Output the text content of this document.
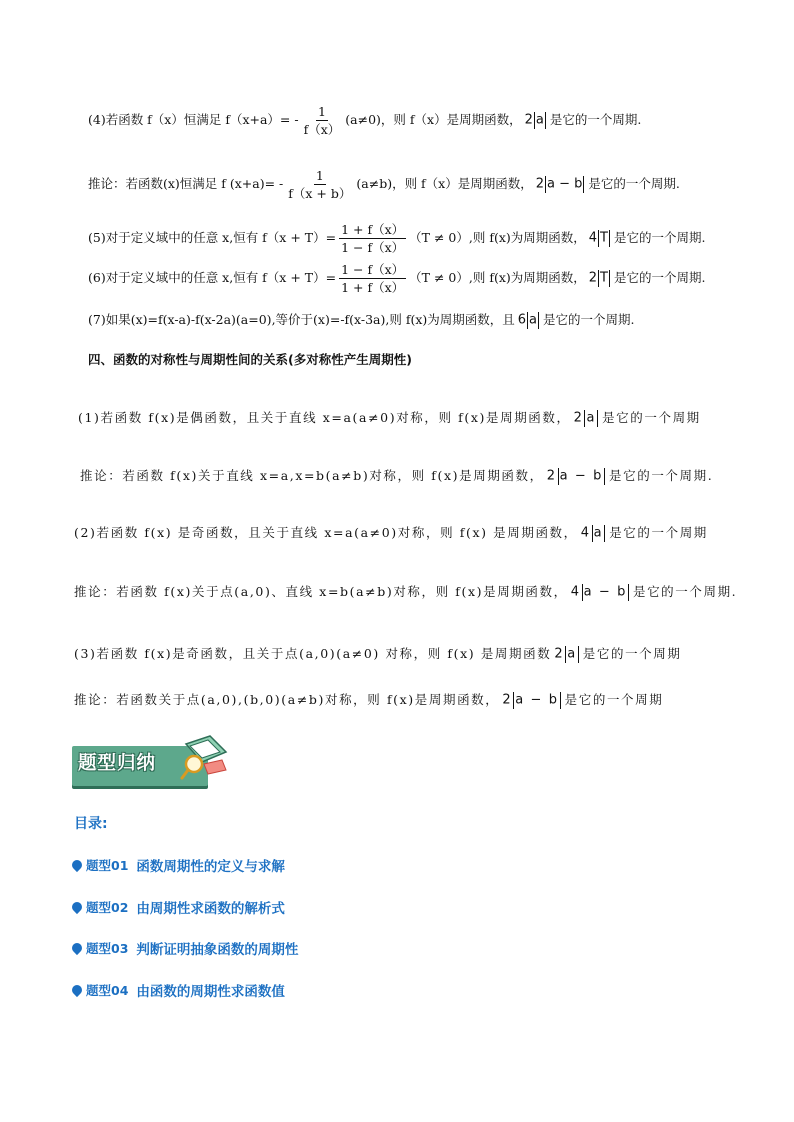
(4)若函数 f（x）恒满足 $f(x+a)= - \frac{1}{f(x)} (a\ne 0)$，则 f（x）是周期函数， 2 a 是它的一个周期.
推论：若函数(x)恒满足 f $(x+a)= - \frac{1}{f(x + b)} (a\ne b)$，则 f（x）是周期函数， 2 a − b 是它的一个周期.
(5)对于定义域中的任意 x,恒有 $f(x + T)= \frac{1 + f(x)}{1 - f(x)} (T \ne 0)$,则 f(x)为周期函数， 4 T 是它的一个周期.
(6)对于定义域中的任意 x,恒有 $f(x + T)= \frac{1 - f(x)}{1 + f(x)} (T \ne 0)$,则 f(x)为周期函数， 2 T 是它的一个周期.
(7)如果(x)=f(x-a)-f(x-2a)(a=0),等价于(x)=-f(x-3a),则 f(x)为周期函数，且 6 a 是它的一个周期.
四、函数的对称性与周期性间的关系(多对称性产生周期性)
(1)若函数 f(x)是偶函数，且关于直线 x=a(a≠0)对称，则 f(x)是周期函数， 2 a 是它的一个周期
推论：若函数 f(x)关于直线 x=a,x=b(a≠b)对称，则 f(x)是周期函数， 2 a − b 是它的一个周期.
(2)若函数 f(x) 是奇函数，且关于直线 x=a(a≠0)对称，则 f(x) 是周期函数， 4 a 是它的一个周期
推论：若函数 f(x)关于点(a,0)、直线 x=b(a≠b)对称，则 f(x)是周期函数， 4 a − b 是它的一个周期.
(3)若函数 f(x)是奇函数，且关于点(a,0)(a≠0) 对称，则 f(x) 是周期函数 2 a 是它的一个周期
推论：若函数关于点(a,0),(b,0)(a≠b)对称，则 f(x)是周期函数， 2 a − b 是它的一个周期
题型归纳
目录:
题型01 函数周期性的定义与求解
题型02 由周期性求函数的解析式
题型03 判断证明抽象函数的周期性
题型04 由函数的周期性求函数值
